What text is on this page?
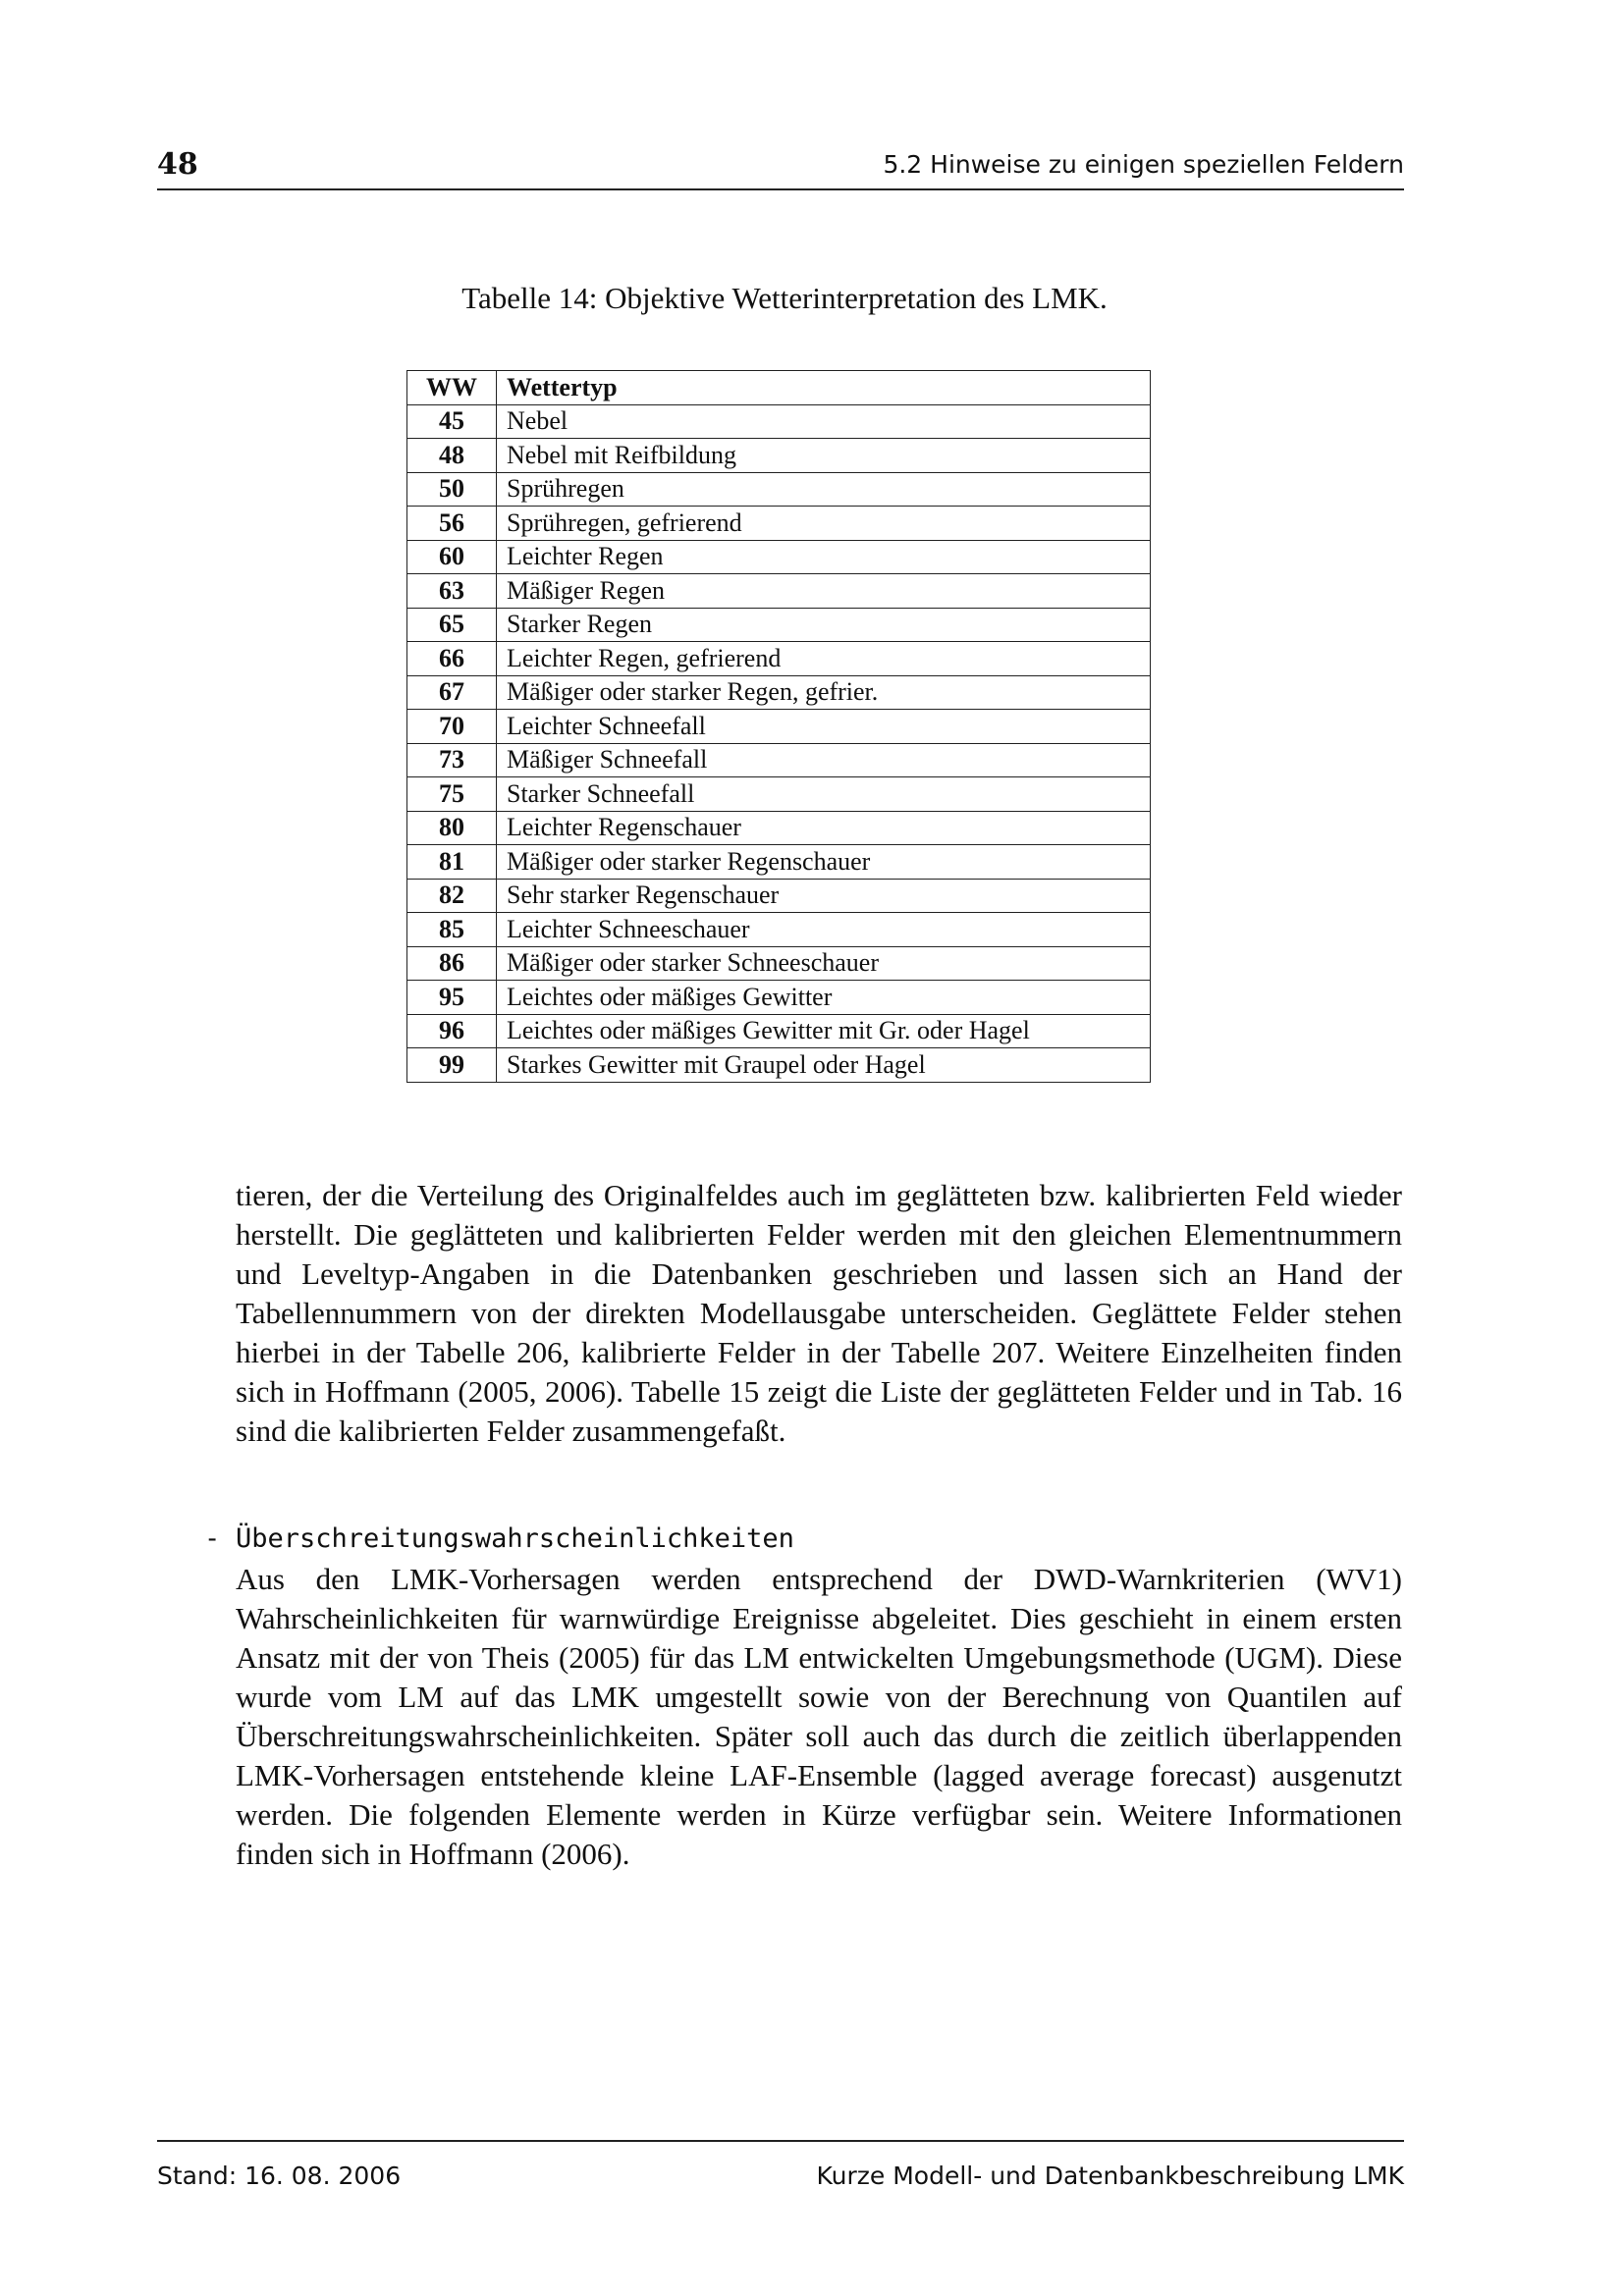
48	5.2 Hinweise zu einigen speziellen Feldern
Tabelle 14: Objektive Wetterinterpretation des LMK.
WW	Wettertyp
45	Nebel
48	Nebel mit Reifbildung
50	Sprühregen
56	Sprühregen, gefrierend
60	Leichter Regen
63	Mäßiger Regen
65	Starker Regen
66	Leichter Regen, gefrierend
67	Mäßiger oder starker Regen, gefrier.
70	Leichter Schneefall
73	Mäßiger Schneefall
75	Starker Schneefall
80	Leichter Regenschauer
81	Mäßiger oder starker Regenschauer
82	Sehr starker Regenschauer
85	Leichter Schneeschauer
86	Mäßiger oder starker Schneeschauer
95	Leichtes oder mäßiges Gewitter
96	Leichtes oder mäßiges Gewitter mit Gr. oder Hagel
99	Starkes Gewitter mit Graupel oder Hagel
tieren, der die Verteilung des Originalfeldes auch im geglätteten bzw. kalibrierten Feld wieder herstellt. Die geglätteten und kalibrierten Felder werden mit den gleichen Elementnummern und Leveltyp-Angaben in die Datenbanken geschrieben und lassen sich an Hand der Tabellennummern von der direkten Modellausgabe unterscheiden. Geglättete Felder stehen hierbei in der Tabelle 206, kalibrierte Felder in der Tabelle 207. Weitere Einzelheiten finden sich in Hoffmann (2005, 2006). Tabelle 15 zeigt die Liste der geglätteten Felder und in Tab. 16 sind die kalibrierten Felder zusammengefaßt.
- Überschreitungswahrscheinlichkeiten
Aus den LMK-Vorhersagen werden entsprechend der DWD-Warnkriterien (WV1) Wahrscheinlichkeiten für warnwürdige Ereignisse abgeleitet. Dies geschieht in einem ersten Ansatz mit der von Theis (2005) für das LM entwickelten Umgebungsmethode (UGM). Diese wurde vom LM auf das LMK umgestellt sowie von der Berechnung von Quantilen auf Überschreitungswahrscheinlichkeiten. Später soll auch das durch die zeitlich überlappenden LMK-Vorhersagen entstehende kleine LAF-Ensemble (lagged average forecast) ausgenutzt werden. Die folgenden Elemente werden in Kürze verfügbar sein. Weitere Informationen finden sich in Hoffmann (2006).
Stand: 16. 08. 2006	Kurze Modell- und Datenbankbeschreibung LMK
